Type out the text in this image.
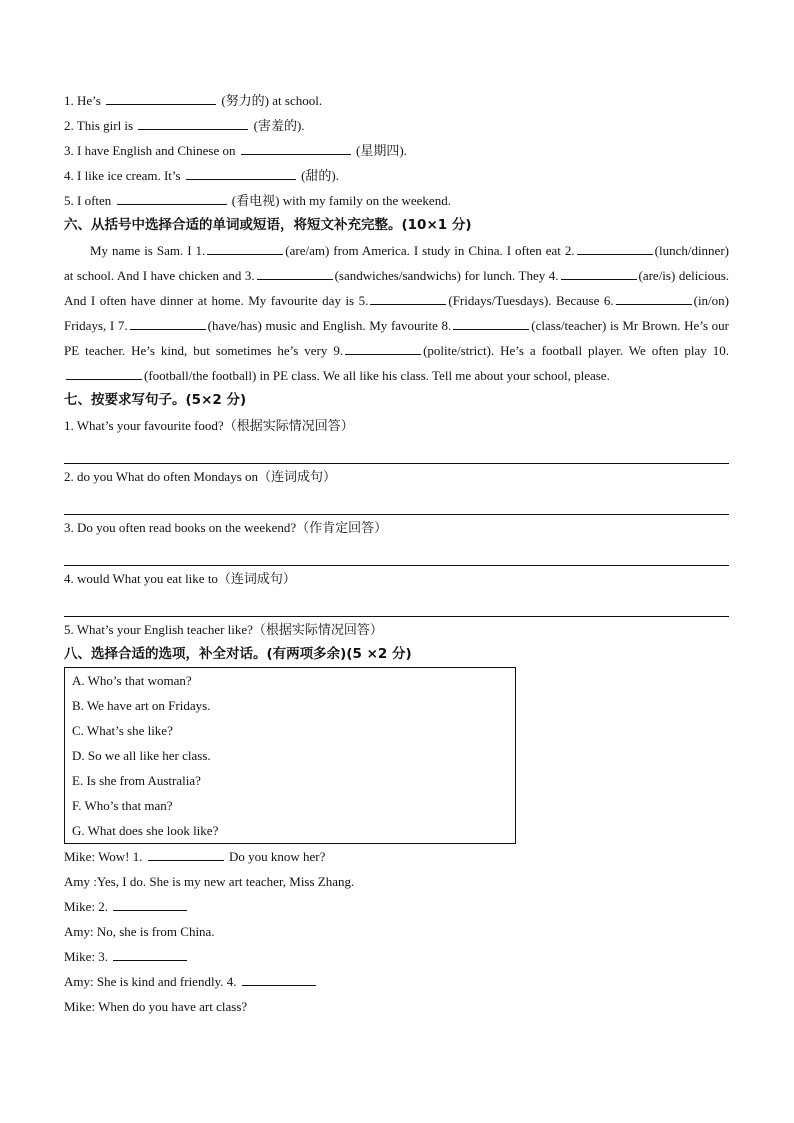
1. He’s	(努力的) at school.
2. This girl is	(害羞的).
3. I have English and Chinese on	(星期四).
4. I like ice cream. It’s	(甜的).
5. I often	(看电视) with my family on the weekend.
六、从括号中选择合适的单词或短语，将短文补充完整。(10×1 分)
My name is Sam. I 1.	(are/am) from America. I study in China. I often eat 2.	(lunch/dinner) at school. And I have chicken and 3.	(sandwiches/sandwichs) for lunch. They 4.	(are/is) delicious. And I often have dinner at home. My favourite day is 5.	(Fridays/Tuesdays). Because 6.	(in/on) Fridays, I 7.	(have/has) music and English. My favourite 8.	(class/teacher) is Mr Brown. He’s our PE teacher. He’s kind, but sometimes he’s very 9.	(polite/strict). He’s a football player. We often play 10.(football/the football) in PE class. We all like his class. Tell me about your school, please.
七、按要求写句子。(5×2 分)
1. What’s your favourite food?（根据实际情况回答）
2. do you What do often Mondays on（连词成句）
3. Do you often read books on the weekend?（作肯定回答）
4. would What you eat like to（连词成句）
5. What’s your English teacher like?（根据实际情况回答）
八、选择合适的选项，补全对话。(有两项多余)(5 ×2 分)
A. Who’s that woman?
B. We have art on Fridays.
C. What’s she like?
D. So we all like her class.
E. Is she from Australia?
F. Who’s that man?
G. What does she look like?
Mike: Wow! 1.	Do you know her?
Amy :Yes, I do. She is my new art teacher, Miss Zhang.
Mike: 2.
Amy: No, she is from China.
Mike: 3.
Amy: She is kind and friendly. 4.
Mike: When do you have art class?
